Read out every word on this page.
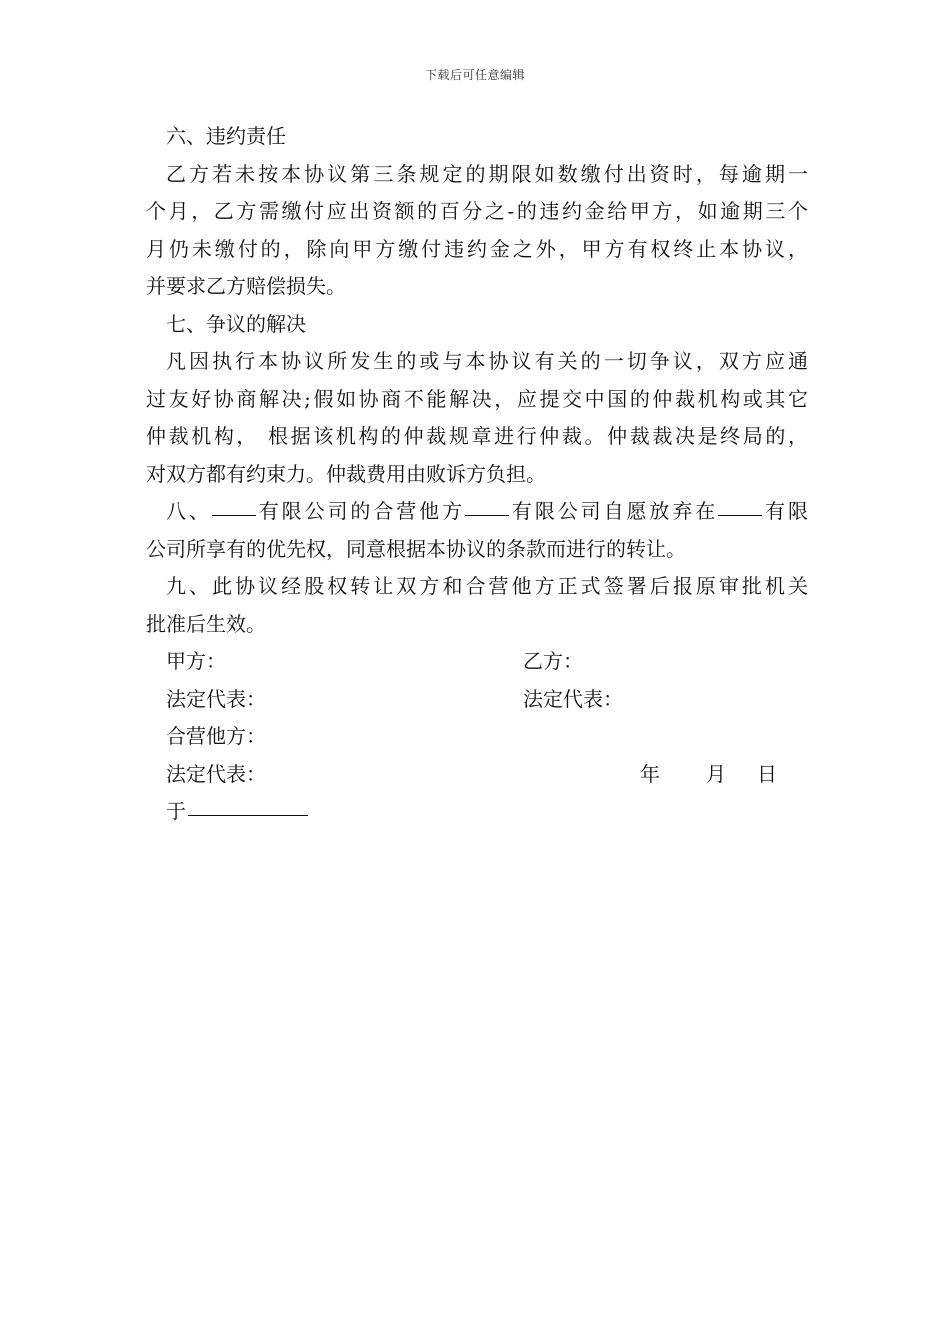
下载后可任意编辑
六、违约责任
乙方若未按本协议第三条规定的期限如数缴付出资时，每逾期一
个月，乙方需缴付应出资额的百分之-的违约金给甲方，如逾期三个
月仍未缴付的，除向甲方缴付违约金之外，甲方有权终止本协议，
并要求乙方赔偿损失。
七、争议的解决
凡因执行本协议所发生的或与本协议有关的一切争议，双方应通
过友好协商解决;假如协商不能解决，应提交中国的仲裁机构或其它
仲裁机构， 根据该机构的仲裁规章进行仲裁。仲裁裁决是终局的，
对双方都有约束力。仲裁费用由败诉方负担。
八、 有限公司的合营他方 有限公司自愿放弃在 有限
公司所享有的优先权，同意根据本协议的条款而进行的转让。
九、此协议经股权转让双方和合营他方正式签署后报原审批机关
批准后生效。
甲方：	乙方：
法定代表：	法定代表：
合营他方：
法定代表：	年 月 日
于
